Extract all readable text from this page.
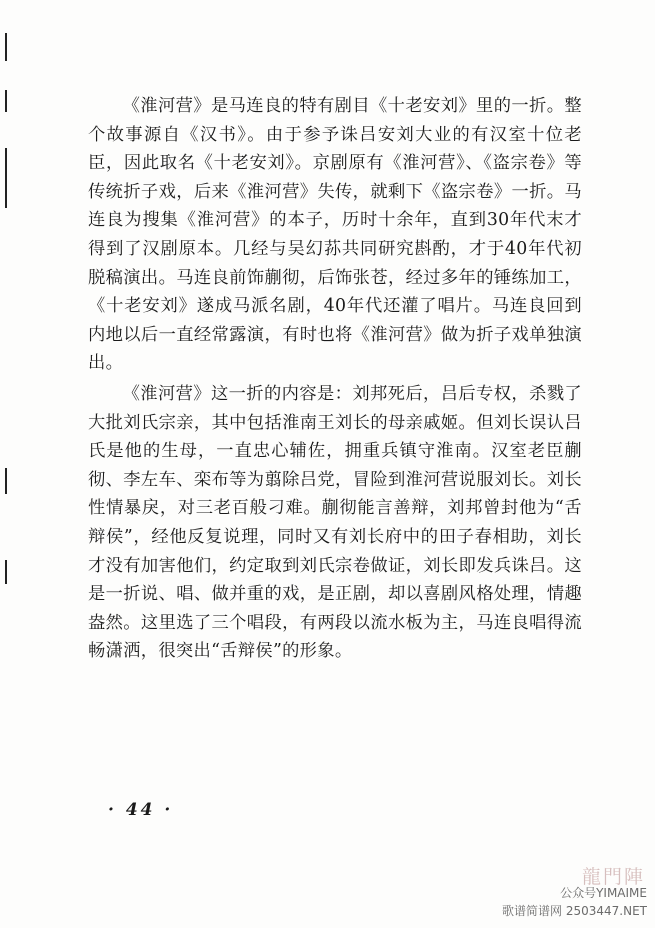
《淮河营》是马连良的特有剧目《十老安刘》里的一折。整个故事源自《汉书》。由于参予诛吕安刘大业的有汉室十位老臣，因此取名《十老安刘》。京剧原有《淮河营》、《盗宗卷》等传统折子戏，后来《淮河营》失传，就剩下《盗宗卷》一折。马连良为搜集《淮河营》的本子，历时十余年，直到30年代末才得到了汉剧原本。几经与吴幻荪共同研究斟酌，才于40年代初脱稿演出。马连良前饰蒯彻，后饰张苍，经过多年的锤练加工，《十老安刘》遂成马派名剧，40年代还灌了唱片。马连良回到内地以后一直经常露演，有时也将《淮河营》做为折子戏单独演出。

《淮河营》这一折的内容是：刘邦死后，吕后专权，杀戮了大批刘氏宗亲，其中包括淮南王刘长的母亲戚姬。但刘长误认吕氏是他的生母，一直忠心辅佐，拥重兵镇守淮南。汉室老臣蒯彻、李左车、栾布等为翦除吕党，冒险到淮河营说服刘长。刘长性情暴戾，对三老百般刁难。蒯彻能言善辩，刘邦曾封他为“舌辩侯”，经他反复说理，同时又有刘长府中的田子春相助，刘长才没有加害他们，约定取到刘氏宗卷做证，刘长即发兵诛吕。这是一折说、唱、做并重的戏，是正剧，却以喜剧风格处理，情趣盎然。这里选了三个唱段，有两段以流水板为主，马连良唱得流畅潇洒，很突出“舌辩侯”的形象。

· 44 ·
龍門陣
公众号YIMAIME
歌谱简谱网 2503447.NET
